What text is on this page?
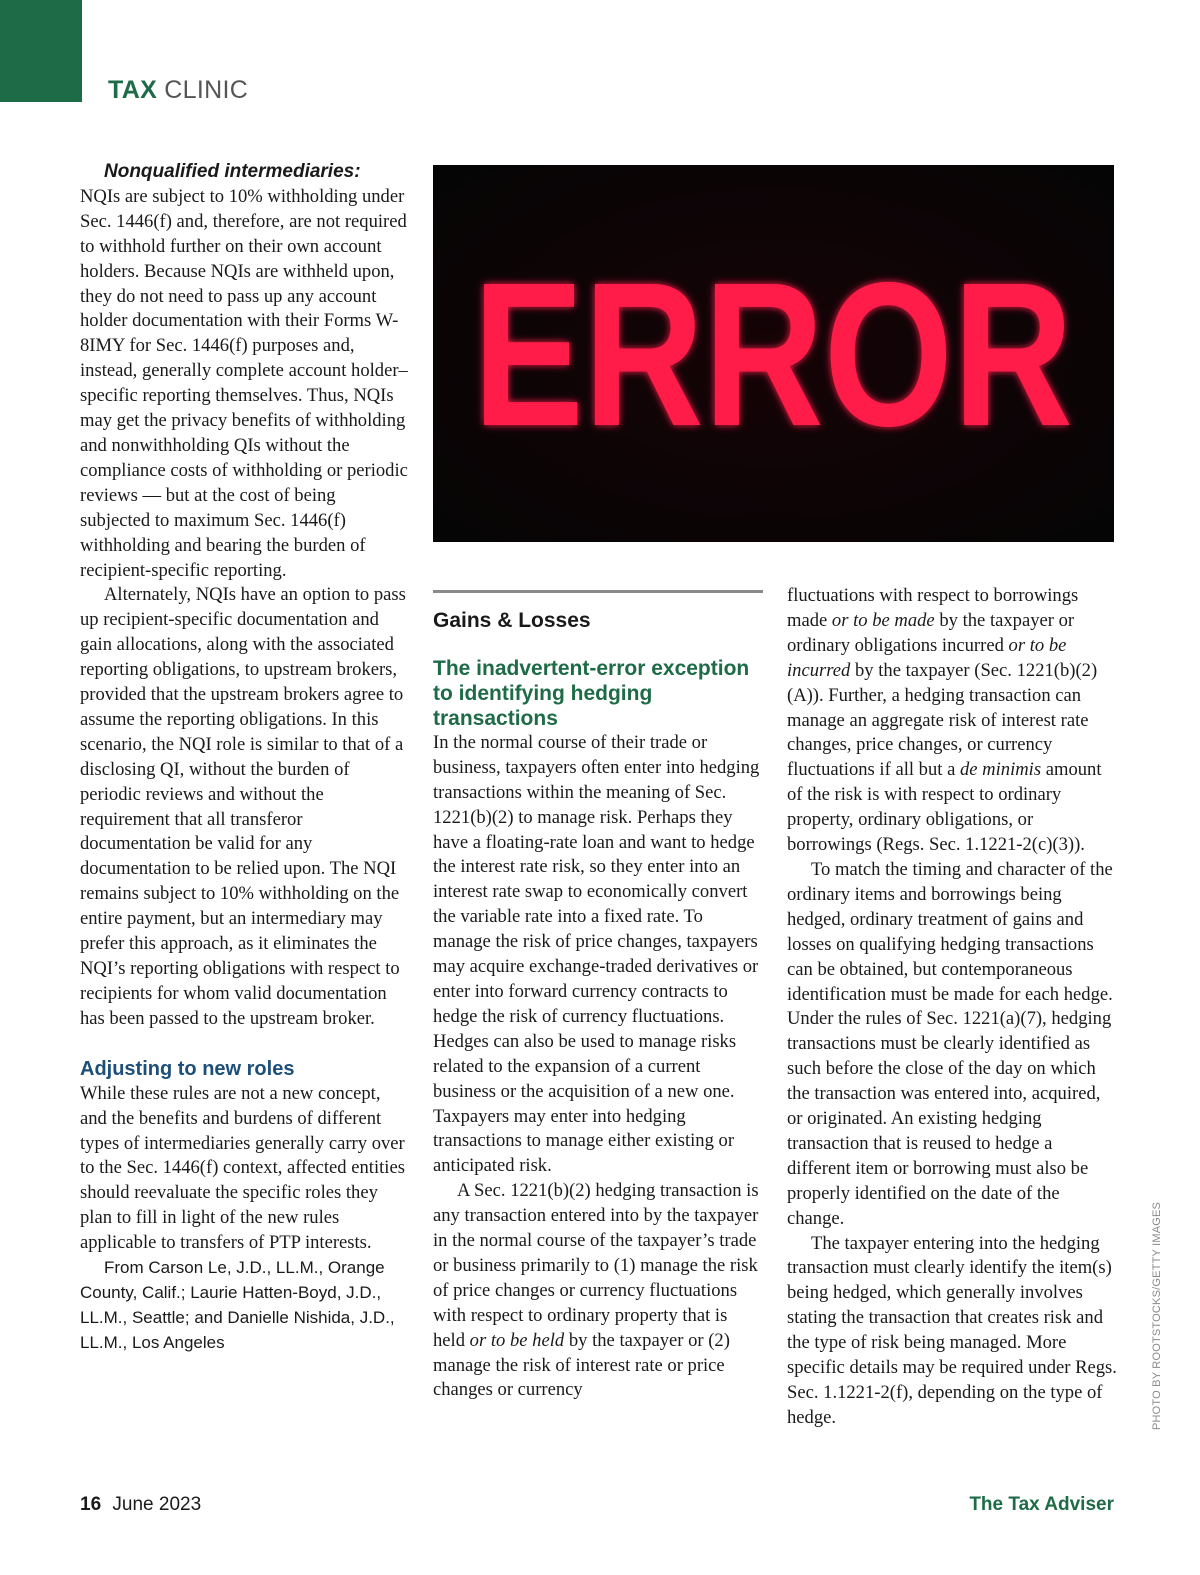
TAX CLINIC

Nonqualified intermediaries:
NQIs are subject to 10% withholding under Sec. 1446(f) and, therefore, are not required to withhold further on their own account holders. Because NQIs are withheld upon, they do not need to pass up any account holder documentation with their Forms W-8IMY for Sec. 1446(f) purposes and, instead, generally complete account holder–specific reporting themselves. Thus, NQIs may get the privacy benefits of withholding and nonwithholding QIs without the compliance costs of withholding or periodic reviews — but at the cost of being subjected to maximum Sec. 1446(f) withholding and bearing the burden of recipient-specific reporting.

Alternately, NQIs have an option to pass up recipient-specific documentation and gain allocations, along with the associated reporting obligations, to upstream brokers, provided that the upstream brokers agree to assume the reporting obligations. In this scenario, the NQI role is similar to that of a disclosing QI, without the burden of periodic reviews and without the requirement that all transferor documentation be valid for any documentation to be relied upon. The NQI remains subject to 10% withholding on the entire payment, but an intermediary may prefer this approach, as it eliminates the NQI’s reporting obligations with respect to recipients for whom valid documentation has been passed to the upstream broker.

Adjusting to new roles

While these rules are not a new concept, and the benefits and burdens of different types of intermediaries generally carry over to the Sec. 1446(f) context, affected entities should reevaluate the specific roles they plan to fill in light of the new rules applicable to transfers of PTP interests.

From Carson Le, J.D., LL.M., Orange County, Calif.; Laurie Hatten-Boyd, J.D., LL.M., Seattle; and Danielle Nishida, J.D., LL.M., Los Angeles

ERROR
PHOTO BY ROOTSTOCKS/GETTY IMAGES
Gains & Losses
The inadvertent-error exception to identifying hedging transactions

In the normal course of their trade or business, taxpayers often enter into hedging transactions within the meaning of Sec. 1221(b)(2) to manage risk. Perhaps they have a floating-rate loan and want to hedge the interest rate risk, so they enter into an interest rate swap to economically convert the variable rate into a fixed rate. To manage the risk of price changes, taxpayers may acquire exchange-traded derivatives or enter into forward currency contracts to hedge the risk of currency fluctuations. Hedges can also be used to manage risks related to the expansion of a current business or the acquisition of a new one. Taxpayers may enter into hedging transactions to manage either existing or anticipated risk.

A Sec. 1221(b)(2) hedging transaction is any transaction entered into by the taxpayer in the normal course of the taxpayer’s trade or business primarily to (1) manage the risk of price changes or currency fluctuations with respect to ordinary property that is held or to be held by the taxpayer or (2) manage the risk of interest rate or price changes or currency

fluctuations with respect to borrowings made or to be made by the taxpayer or ordinary obligations incurred or to be incurred by the taxpayer (Sec. 1221(b)(2)(A)). Further, a hedging transaction can manage an aggregate risk of interest rate changes, price changes, or currency fluctuations if all but a de minimis amount of the risk is with respect to ordinary property, ordinary obligations, or borrowings (Regs. Sec. 1.1221-2(c)(3)).

To match the timing and character of the ordinary items and borrowings being hedged, ordinary treatment of gains and losses on qualifying hedging transactions can be obtained, but contemporaneous identification must be made for each hedge. Under the rules of Sec. 1221(a)(7), hedging transactions must be clearly identified as such before the close of the day on which the transaction was entered into, acquired, or originated. An existing hedging transaction that is reused to hedge a different item or borrowing must also be properly identified on the date of the change.

The taxpayer entering into the hedging transaction must clearly identify the item(s) being hedged, which generally involves stating the transaction that creates risk and the type of risk being managed. More specific details may be required under Regs. Sec. 1.1221-2(f), depending on the type of hedge.

16 June 2023	The Tax Adviser
